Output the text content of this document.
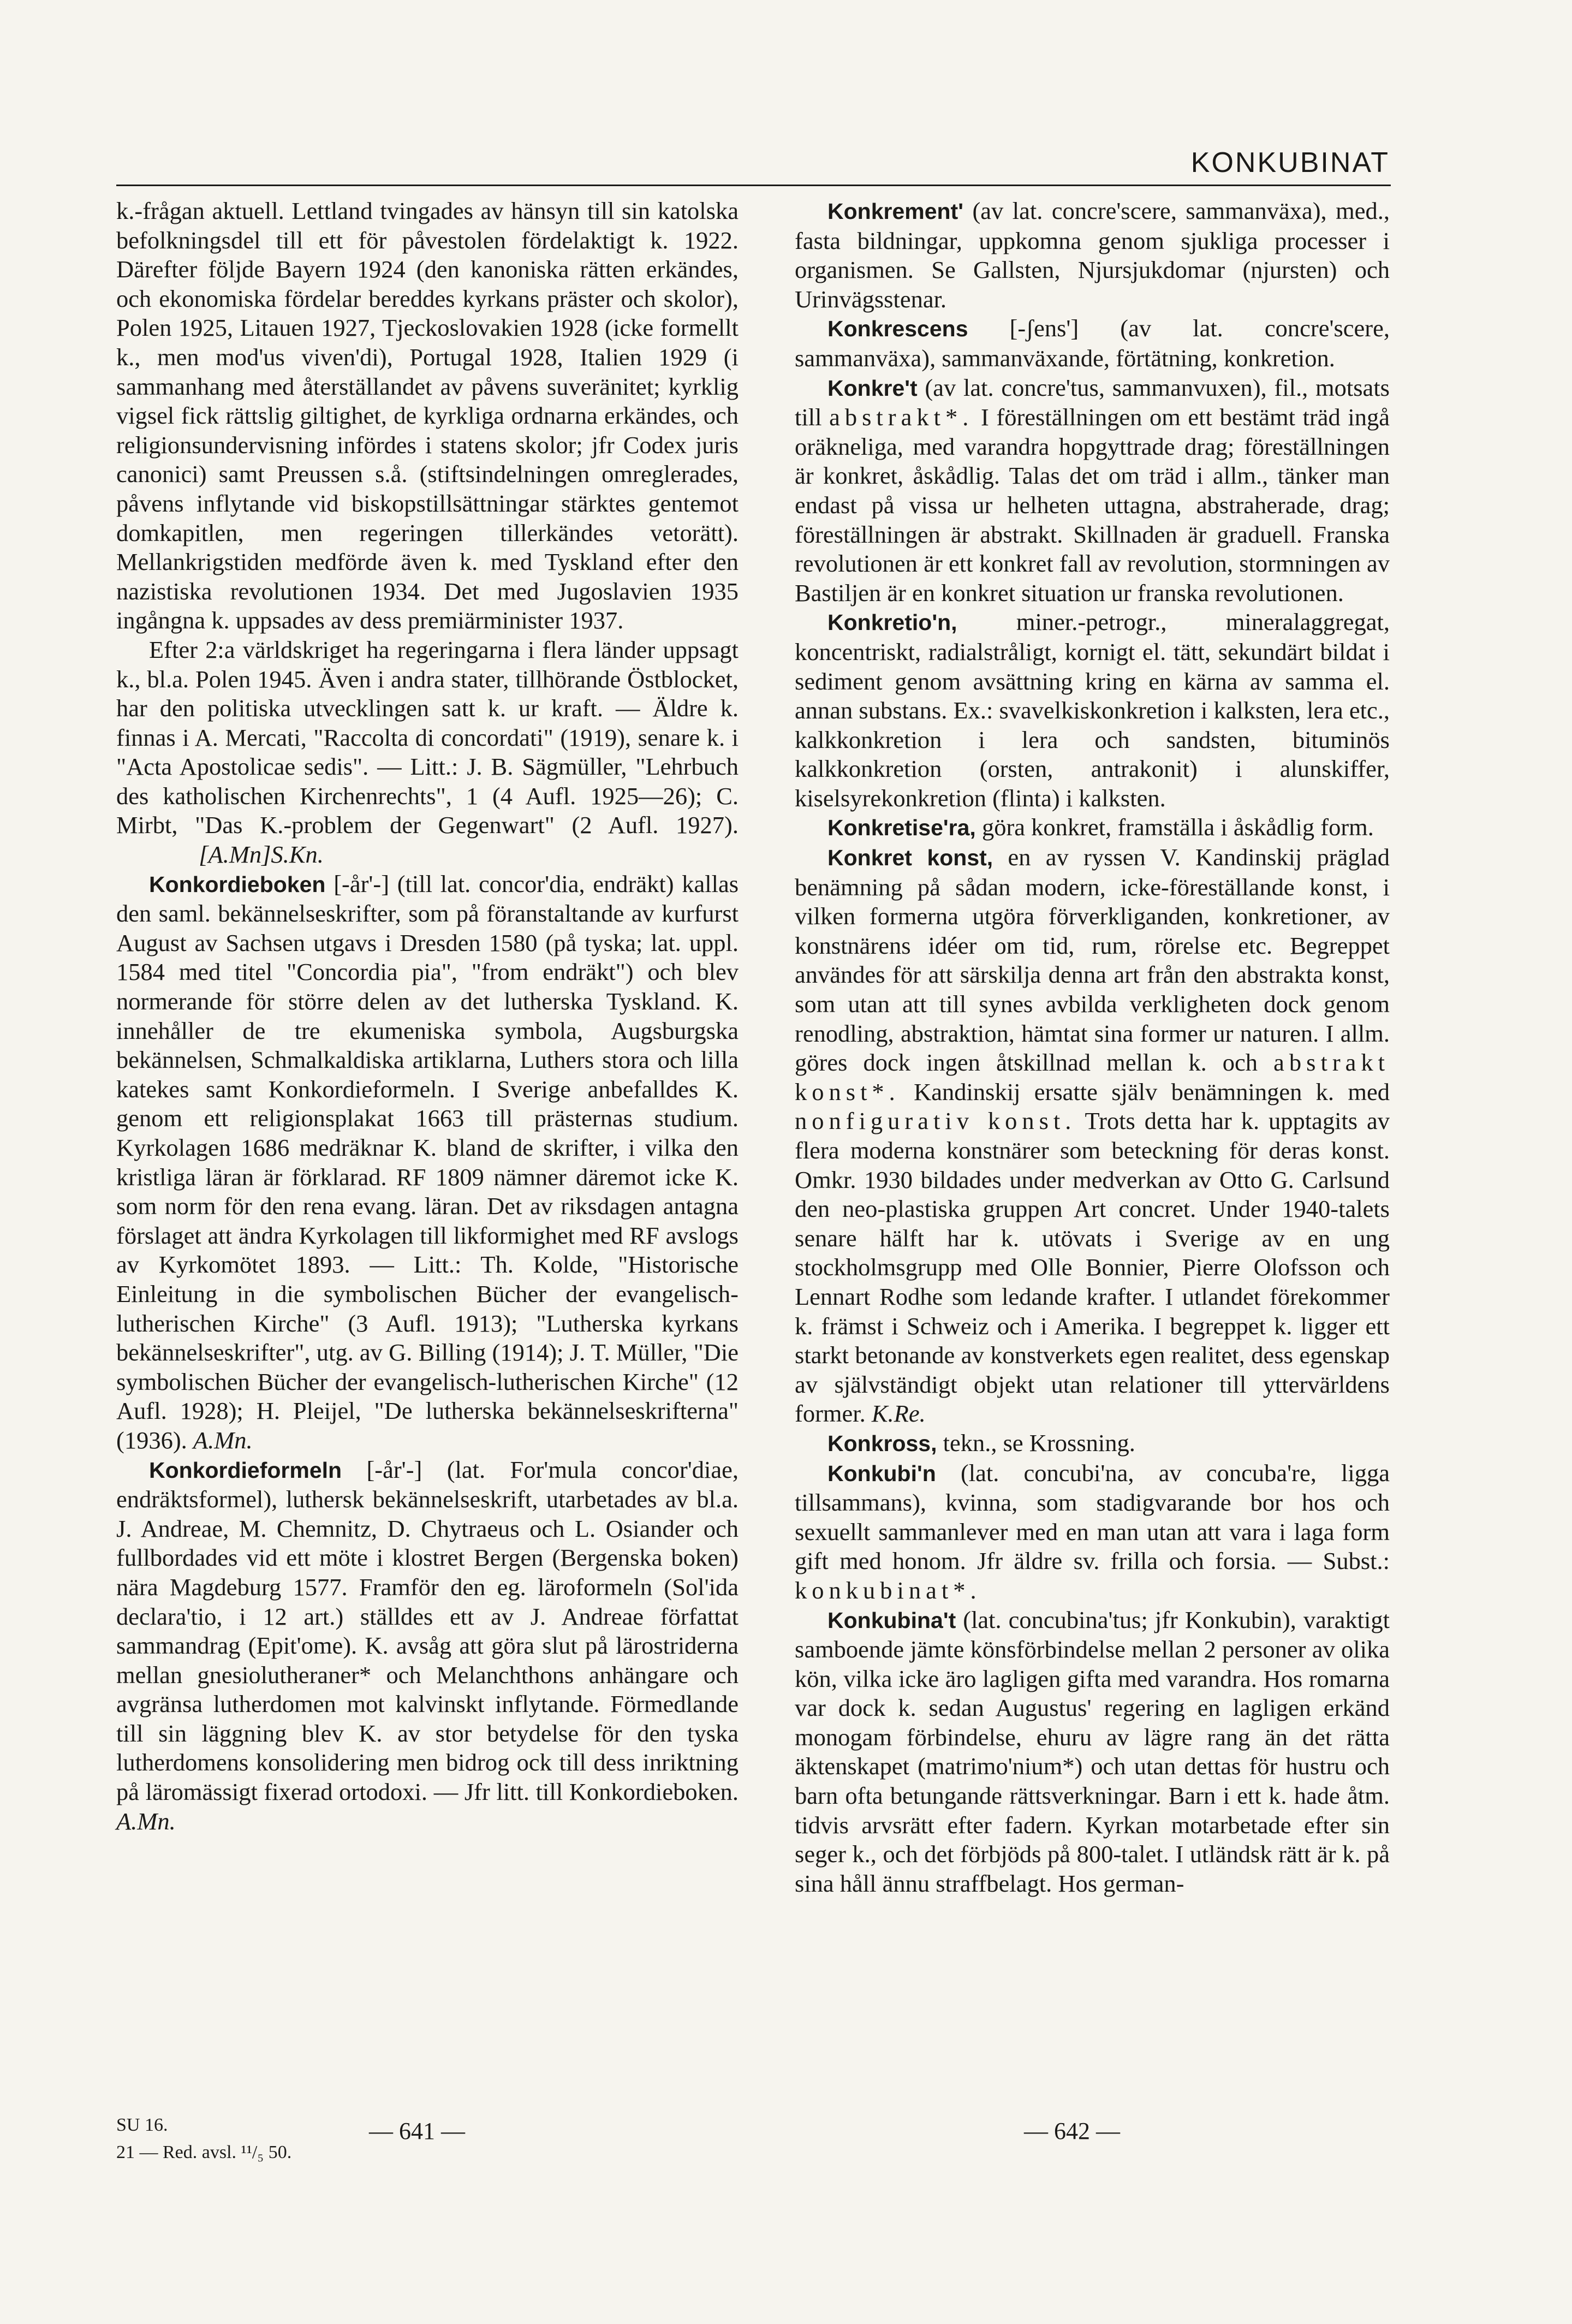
KONKUBINAT

k.-frågan aktuell. Lettland tvingades av hänsyn till sin katolska befolkningsdel till ett för påvestolen fördelaktigt k. 1922. Därefter följde Bayern 1924 (den kanoniska rätten erkändes, och ekonomiska fördelar bereddes kyrkans präster och skolor), Polen 1925, Litauen 1927, Tjeckoslovakien 1928 (icke formellt k., men mod'us viven'di), Portugal 1928, Italien 1929 (i sammanhang med återställandet av påvens suveränitet; kyrklig vigsel fick rättslig giltighet, de kyrkliga ordnarna erkändes, och religionsundervisning infördes i statens skolor; jfr Codex juris canonici) samt Preussen s.å. (stiftsindelningen omreglerades, påvens inflytande vid biskopstillsättningar stärktes gentemot domkapitlen, men regeringen tillerkändes vetorätt). Mellankrigstiden medförde även k. med Tyskland efter den nazistiska revolutionen 1934. Det med Jugoslavien 1935 ingångna k. uppsades av dess premiärminister 1937.

Efter 2:a världskriget ha regeringarna i flera länder uppsagt k., bl.a. Polen 1945. Även i andra stater, tillhörande Östblocket, har den politiska utvecklingen satt k. ur kraft. — Äldre k. finnas i A. Mercati, "Raccolta di concordati" (1919), senare k. i "Acta Apostolicae sedis". — Litt.: J. B. Sägmüller, "Lehrbuch des katholischen Kirchenrechts", 1 (4 Aufl. 1925—26); C. Mirbt, "Das K.-problem der Gegenwart" (2 Aufl. 1927).  [A.Mn]S.Kn.

Konkordieboken [-år'-] (till lat. concor'dia, endräkt) kallas den saml. bekännelseskrifter, som på föranstaltande av kurfurst August av Sachsen utgavs i Dresden 1580 (på tyska; lat. uppl. 1584 med titel "Concordia pia", "from endräkt") och blev normerande för större delen av det lutherska Tyskland. K. innehåller de tre ekumeniska symbola, Augsburgska bekännelsen, Schmalkaldiska artiklarna, Luthers stora och lilla katekes samt Konkordieformeln. I Sverige anbefalldes K. genom ett religionsplakat 1663 till prästernas studium. Kyrkolagen 1686 medräknar K. bland de skrifter, i vilka den kristliga läran är förklarad. RF 1809 nämner däremot icke K. som norm för den rena evang. läran. Det av riksdagen antagna förslaget att ändra Kyrkolagen till likformighet med RF avslogs av Kyrkomötet 1893. — Litt.: Th. Kolde, "Historische Einleitung in die symbolischen Bücher der evangelisch-lutherischen Kirche" (3 Aufl. 1913); "Lutherska kyrkans bekännelseskrifter", utg. av G. Billing (1914); J. T. Müller, "Die symbolischen Bücher der evangelisch-lutherischen Kirche" (12 Aufl. 1928); H. Pleijel, "De lutherska bekännelseskrifterna" (1936). A.Mn.

Konkordieformeln [-år'-] (lat. For'mula concor'diae, endräktsformel), luthersk bekännelseskrift, utarbetades av bl.a. J. Andreae, M. Chemnitz, D. Chytraeus och L. Osiander och fullbordades vid ett möte i klostret Bergen (Bergenska boken) nära Magdeburg 1577. Framför den eg. läroformeln (Sol'ida declara'tio, i 12 art.) ställdes ett av J. Andreae författat sammandrag (Epit'ome). K. avsåg att göra slut på lärostriderna mellan gnesiolutheraner* och Melanchthons anhängare och avgränsa lutherdomen mot kalvinskt inflytande. Förmedlande till sin läggning blev K. av stor betydelse för den tyska lutherdomens konsolidering men bidrog ock till dess inriktning på läromässigt fixerad ortodoxi. — Jfr litt. till Konkordieboken. A.Mn.

Konkrement' (av lat. concre'scere, sammanväxa), med., fasta bildningar, uppkomna genom sjukliga processer i organismen. Se Gallsten, Njursjukdomar (njursten) och Urinvägsstenar.

Konkrescens [-ʃens'] (av lat. concre'scere, sammanväxa), sammanväxande, förtätning, konkretion.

Konkre't (av lat. concre'tus, sammanvuxen), fil., motsats till abstrakt*. I föreställningen om ett bestämt träd ingå oräkneliga, med varandra hopgyttrade drag; föreställningen är konkret, åskådlig. Talas det om träd i allm., tänker man endast på vissa ur helheten uttagna, abstraherade, drag; föreställningen är abstrakt. Skillnaden är graduell. Franska revolutionen är ett konkret fall av revolution, stormningen av Bastiljen är en konkret situation ur franska revolutionen.

Konkretio'n, miner.-petrogr., mineralaggregat, koncentriskt, radialstråligt, kornigt el. tätt, sekundärt bildat i sediment genom avsättning kring en kärna av samma el. annan substans. Ex.: svavelkiskonkretion i kalksten, lera etc., kalkkonkretion i lera och sandsten, bituminös kalkkonkretion (orsten, antrakonit) i alunskiffer, kiselsyrekonkretion (flinta) i kalksten.

Konkretise'ra, göra konkret, framställa i åskådlig form.

Konkret konst, en av ryssen V. Kandinskij präglad benämning på sådan modern, icke-föreställande konst, i vilken formerna utgöra förverkliganden, konkretioner, av konstnärens idéer om tid, rum, rörelse etc. Begreppet användes för att särskilja denna art från den abstrakta konst, som utan att till synes avbilda verkligheten dock genom renodling, abstraktion, hämtat sina former ur naturen. I allm. göres dock ingen åtskillnad mellan k. och abstrakt konst*. Kandinskij ersatte själv benämningen k. med nonfigurativ konst. Trots detta har k. upptagits av flera moderna konstnärer som beteckning för deras konst. Omkr. 1930 bildades under medverkan av Otto G. Carlsund den neo-plastiska gruppen Art concret. Under 1940-talets senare hälft har k. utövats i Sverige av en ung stockholmsgrupp med Olle Bonnier, Pierre Olofsson och Lennart Rodhe som ledande krafter. I utlandet förekommer k. främst i Schweiz och i Amerika. I begreppet k. ligger ett starkt betonande av konstverkets egen realitet, dess egenskap av självständigt objekt utan relationer till yttervärldens former. K.Re.

Konkross, tekn., se Krossning.

Konkubi'n (lat. concubi'na, av concuba're, ligga tillsammans), kvinna, som stadigvarande bor hos och sexuellt sammanlever med en man utan att vara i laga form gift med honom. Jfr äldre sv. frilla och forsia. — Subst.: konkubinat*.

Konkubina't (lat. concubina'tus; jfr Konkubin), varaktigt samboende jämte könsförbindelse mellan 2 personer av olika kön, vilka icke äro lagligen gifta med varandra. Hos romarna var dock k. sedan Augustus' regering en lagligen erkänd monogam förbindelse, ehuru av lägre rang än det rätta äktenskapet (matrimo'nium*) och utan dettas för hustru och barn ofta betungande rättsverkningar. Barn i ett k. hade åtm. tidvis arvsrätt efter fadern. Kyrkan motarbetade efter sin seger k., och det förbjöds på 800-talet. I utländsk rätt är k. på sina håll ännu straffbelagt. Hos german-

SU 16.
21 — Red. avsl. ¹¹/₅ 50.
— 641 —	— 642 —
